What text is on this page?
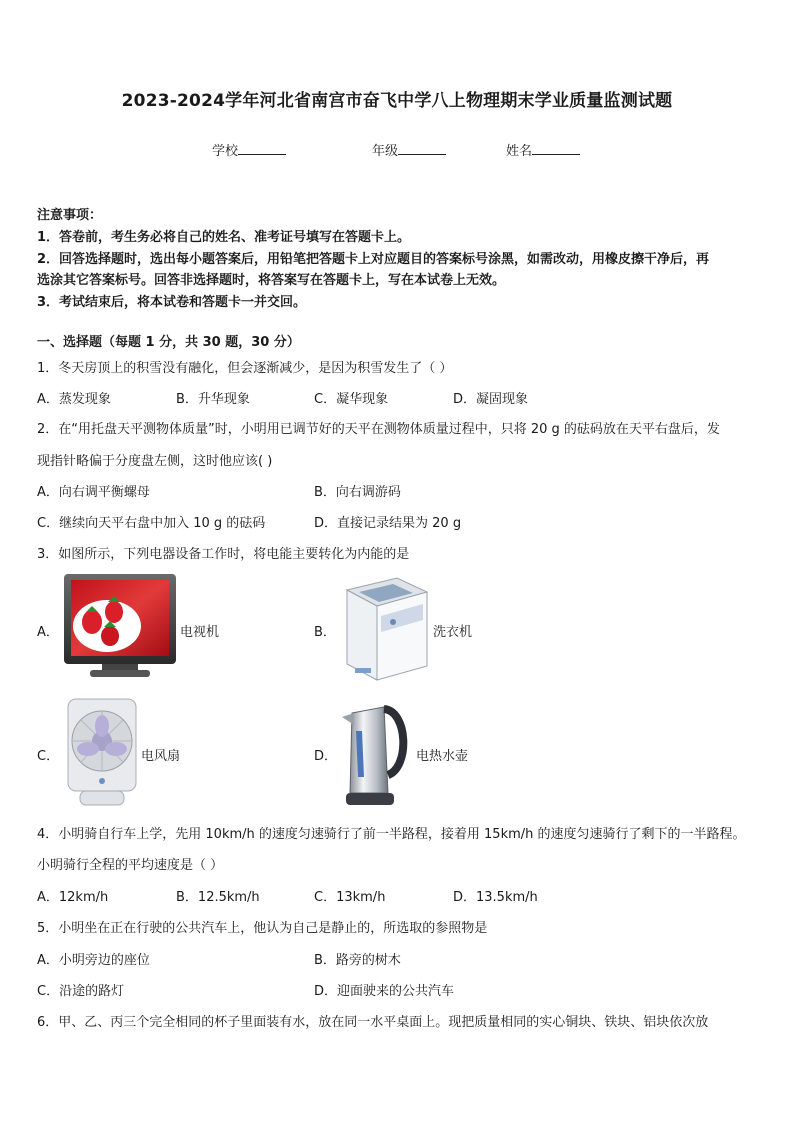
2023-2024学年河北省南宫市奋飞中学八上物理期末学业质量监测试题
学校	年级	姓名
注意事项：
1．答卷前，考生务必将自己的姓名、准考证号填写在答题卡上。
2．回答选择题时，选出每小题答案后，用铅笔把答题卡上对应题目的答案标号涂黑，如需改动，用橡皮擦干净后，再
选涂其它答案标号。回答非选择题时，将答案写在答题卡上，写在本试卷上无效。
3．考试结束后，将本试卷和答题卡一并交回。
一、选择题（每题 1 分，共 30 题，30 分）
1．冬天房顶上的积雪没有融化，但会逐渐减少，是因为积雪发生了（ ）
A．蒸发现象	B．升华现象	C．凝华现象	D．凝固现象
2．在“用托盘天平测物体质量”时，小明用已调节好的天平在测物体质量过程中，只将 20 g 的砝码放在天平右盘后，发
现指针略偏于分度盘左侧，这时他应该( )
A．向右调平衡螺母	B．向右调游码
C．继续向天平右盘中加入 10 g 的砝码	D．直接记录结果为 20 g
3．如图所示，下列电器设备工作时，将电能主要转化为内能的是
A．	电视机	B．	洗衣机
C．	电风扇	D．	电热水壶
4．小明骑自行车上学，先用 10km/h 的速度匀速骑行了前一半路程，接着用 15km/h 的速度匀速骑行了剩下的一半路程。
小明骑行全程的平均速度是（ ）
A．12km/h	B．12.5km/h	C．13km/h	D．13.5km/h
5．小明坐在正在行驶的公共汽车上，他认为自己是静止的，所选取的参照物是
A．小明旁边的座位	B．路旁的树木
C．沿途的路灯	D．迎面驶来的公共汽车
6．甲、乙、丙三个完全相同的杯子里面装有水，放在同一水平桌面上。现把质量相同的实心铜块、铁块、铝块依次放
